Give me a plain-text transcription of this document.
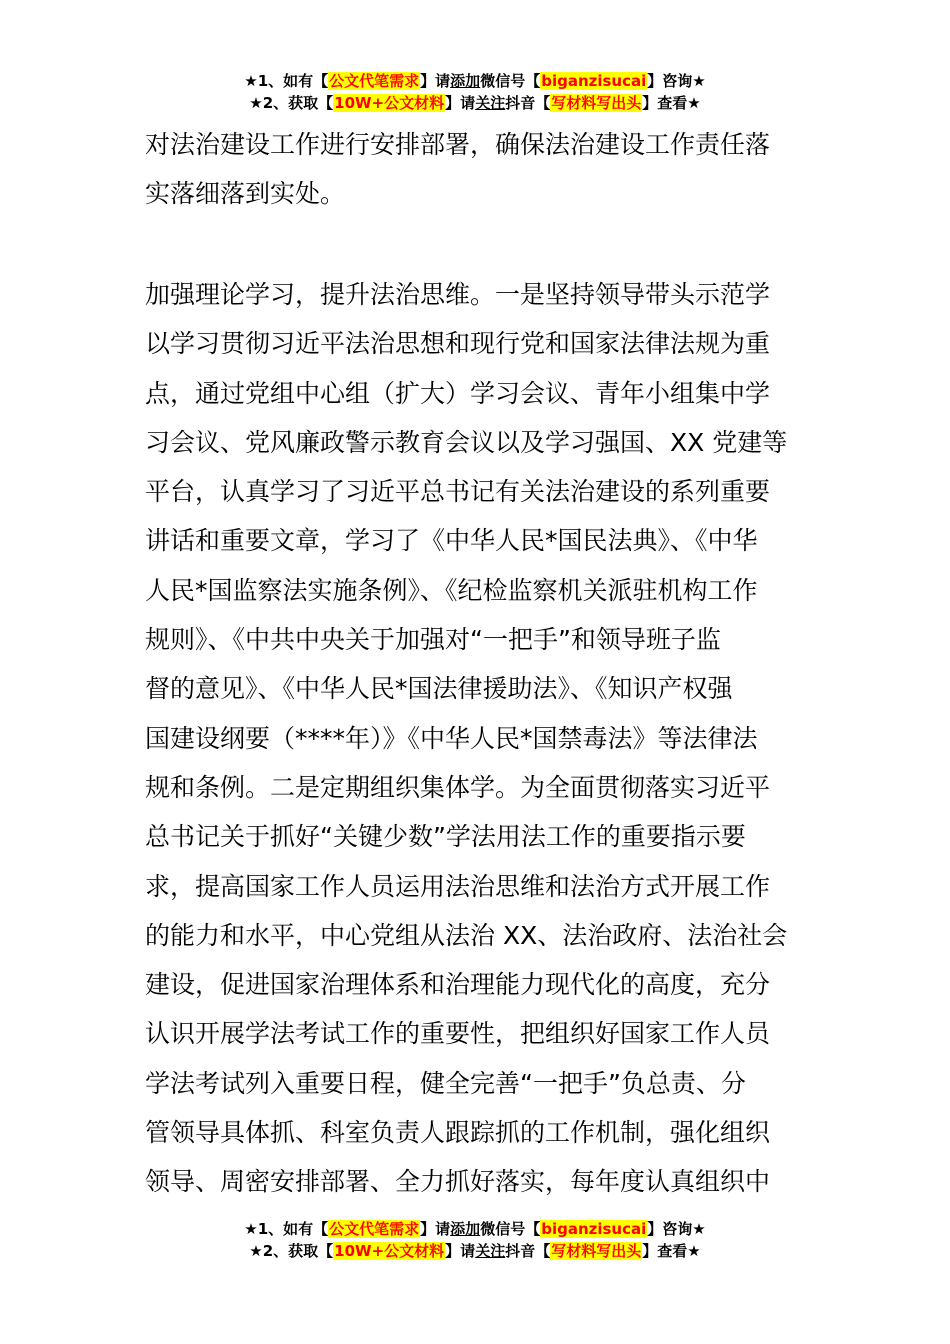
★1、如有【公文代笔需求】请添加微信号【biganzisucai】咨询★
★2、获取【10W+公文材料】请关注抖音【写材料写出头】查看★

对法治建设工作进行安排部署，确保法治建设工作责任落
实落细落到实处。

加强理论学习，提升法治思维。一是坚持领导带头示范学
以学习贯彻习近平法治思想和现行党和国家法律法规为重
点，通过党组中心组（扩大）学习会议、青年小组集中学
习会议、党风廉政警示教育会议以及学习强国、XX 党建等
平台，认真学习了习近平总书记有关法治建设的系列重要
讲话和重要文章，学习了《中华人民*国民法典》、《中华
人民*国监察法实施条例》、《纪检监察机关派驻机构工作
规则》、《中共中央关于加强对“一把手”和领导班子监
督的意见》、《中华人民*国法律援助法》、《知识产权强
国建设纲要（****年）》《中华人民*国禁毒法》等法律法
规和条例。二是定期组织集体学。为全面贯彻落实习近平
总书记关于抓好“关键少数”学法用法工作的重要指示要
求，提高国家工作人员运用法治思维和法治方式开展工作
的能力和水平，中心党组从法治 XX、法治政府、法治社会
建设，促进国家治理体系和治理能力现代化的高度，充分
认识开展学法考试工作的重要性，把组织好国家工作人员
学法考试列入重要日程，健全完善“一把手”负总责、分
管领导具体抓、科室负责人跟踪抓的工作机制，强化组织
领导、周密安排部署、全力抓好落实，每年度认真组织中

★1、如有【公文代笔需求】请添加微信号【biganzisucai】咨询★
★2、获取【10W+公文材料】请关注抖音【写材料写出头】查看★
